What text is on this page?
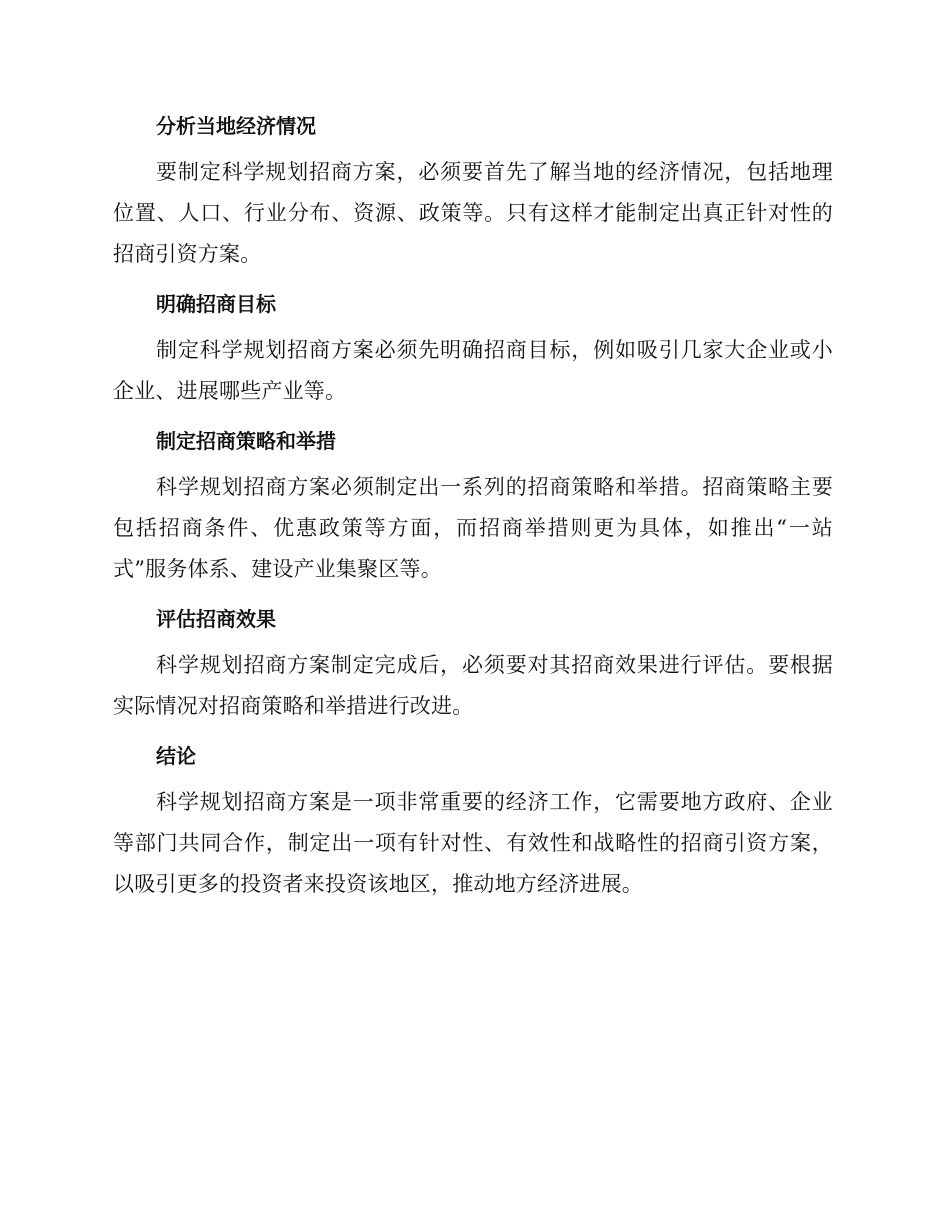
分析当地经济情况

要制定科学规划招商方案，必须要首先了解当地的经济情况，包括地理位置、人口、行业分布、资源、政策等。只有这样才能制定出真正针对性的招商引资方案。

明确招商目标

制定科学规划招商方案必须先明确招商目标，例如吸引几家大企业或小企业、进展哪些产业等。

制定招商策略和举措

科学规划招商方案必须制定出一系列的招商策略和举措。招商策略主要包括招商条件、优惠政策等方面，而招商举措则更为具体，如推出“一站式”服务体系、建设产业集聚区等。

评估招商效果

科学规划招商方案制定完成后，必须要对其招商效果进行评估。要根据实际情况对招商策略和举措进行改进。

结论

科学规划招商方案是一项非常重要的经济工作，它需要地方政府、企业等部门共同合作，制定出一项有针对性、有效性和战略性的招商引资方案，以吸引更多的投资者来投资该地区，推动地方经济进展。
